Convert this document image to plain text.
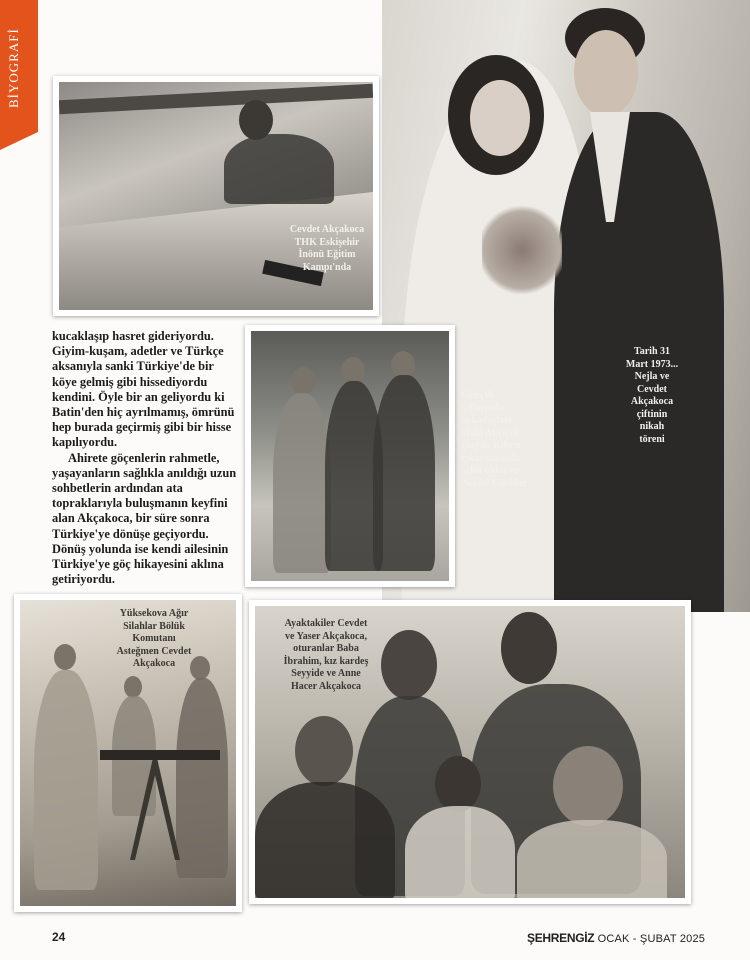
BİYOGRAFİ
Tarih 31
Mart 1973...
Nejla ve
Cevdet
Akçakoca
çiftinin
nikah
töreni
Cevdet Akçakoca
THK Eskişehir
İnönü Eğitim
Kampı'nda
Gençlik
yıllarında
arkadaşları
Halil Akçiçek
(sağda-Kıbrıs
çıkarmasında
şehit oldu) ve
Necati Canlılar

kucaklaşıp hasret gideriyordu. Giyim-kuşam, adetler ve Türkçe aksanıyla sanki Türkiye'de bir köye gelmiş gibi hissediyordu kendini. Öyle bir an geliyordu ki Batin'den hiç ayrılmamış, ömrünü hep burada geçirmiş gibi bir hisse kapılıyordu.

Ahirete göçenlerin rahmetle, yaşayanların sağlıkla anıldığı uzun sohbetlerin ardından ata topraklarıyla buluşmanın keyfini alan Akçakoca, bir süre sonra Türkiye'ye dönüşe geçiyordu. Dönüş yolunda ise kendi ailesinin Türkiye'ye göç hikayesini aklına getiriyordu.

Yüksekova Ağır
Silahlar Bölük
Komutanı
Asteğmen Cevdet
Akçakoca
Ayaktakiler Cevdet
ve Yaser Akçakoca,
oturanlar Baba
İbrahim, kız kardeş
Seyyide ve Anne
Hacer Akçakoca
24	ŞEHRENGİZ OCAK - ŞUBAT 2025
